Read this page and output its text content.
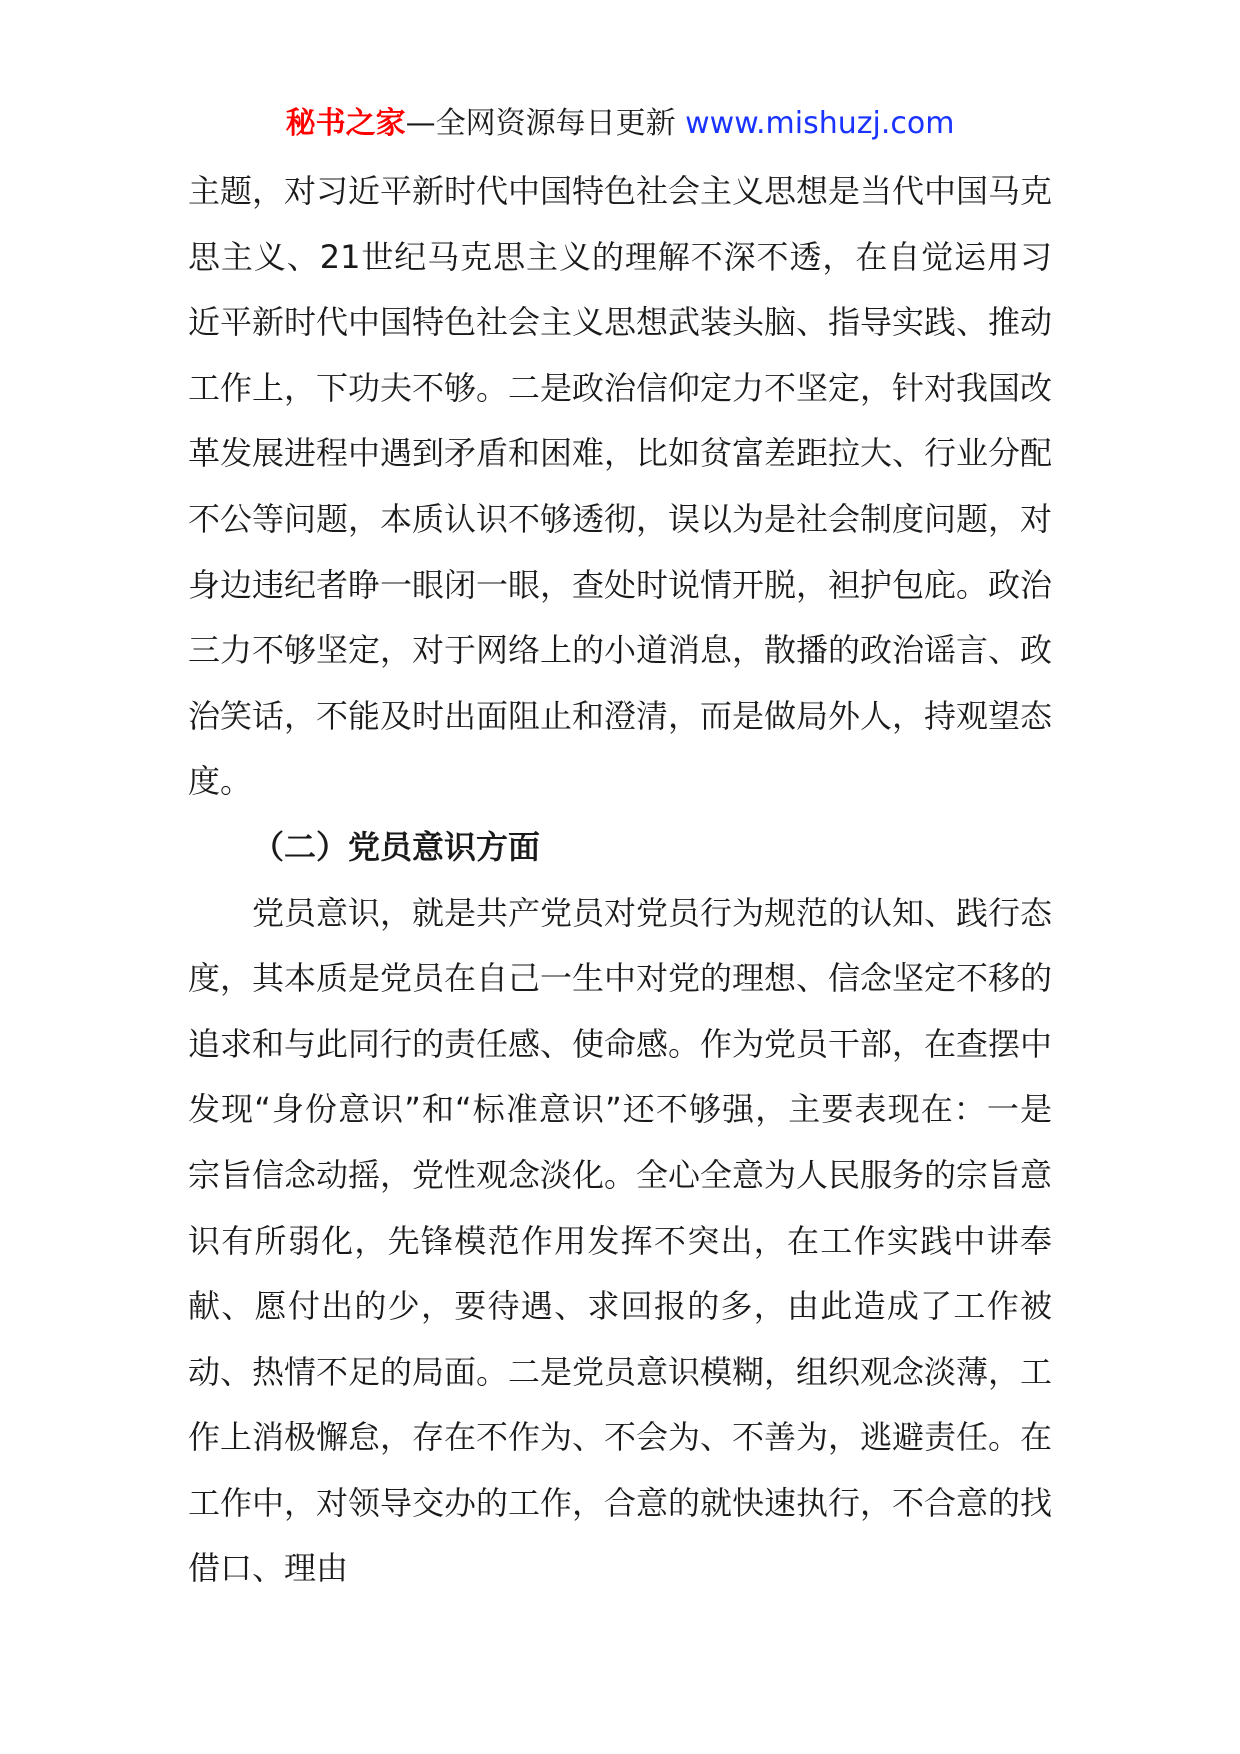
秘书之家—全网资源每日更新 www.mishuzj.com

主题，对习近平新时代中国特色社会主义思想是当代中国马克思主义、21世纪马克思主义的理解不深不透，在自觉运用习近平新时代中国特色社会主义思想武装头脑、指导实践、推动工作上，下功夫不够。二是政治信仰定力不坚定，针对我国改革发展进程中遇到矛盾和困难，比如贫富差距拉大、行业分配不公等问题，本质认识不够透彻，误以为是社会制度问题，对身边违纪者睁一眼闭一眼，查处时说情开脱，袒护包庇。政治三力不够坚定，对于网络上的小道消息，散播的政治谣言、政治笑话，不能及时出面阻止和澄清，而是做局外人，持观望态度。

（二）党员意识方面

党员意识，就是共产党员对党员行为规范的认知、践行态度，其本质是党员在自己一生中对党的理想、信念坚定不移的追求和与此同行的责任感、使命感。作为党员干部，在查摆中发现“身份意识”和“标准意识”还不够强，主要表现在：一是宗旨信念动摇，党性观念淡化。全心全意为人民服务的宗旨意识有所弱化，先锋模范作用发挥不突出，在工作实践中讲奉献、愿付出的少，要待遇、求回报的多，由此造成了工作被动、热情不足的局面。二是党员意识模糊，组织观念淡薄，工作上消极懈怠，存在不作为、不会为、不善为，逃避责任。在工作中，对领导交办的工作，合意的就快速执行，不合意的找借口、理由
